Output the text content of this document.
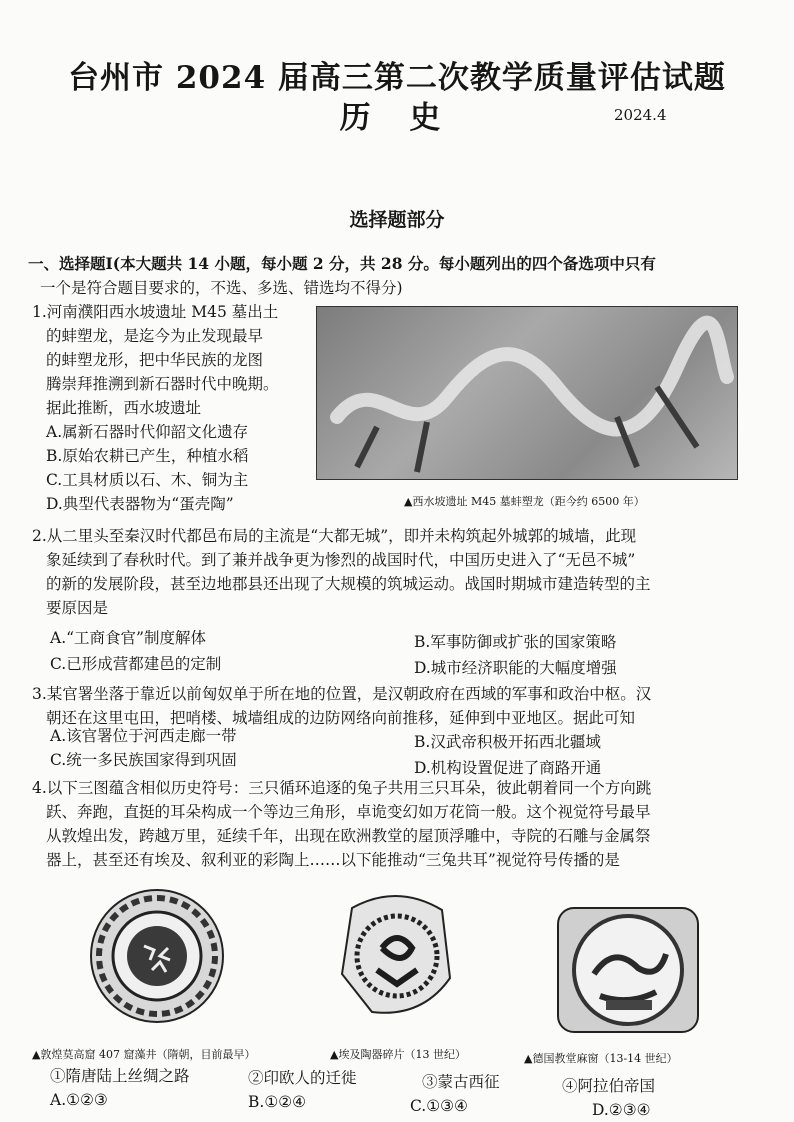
台州市 2024 届高三第二次教学质量评估试题
历 史	2024.4
选择题部分
一、选择题Ⅰ(本大题共 14 小题，每小题 2 分，共 28 分。每小题列出的四个备选项中只有
一个是符合题目要求的，不选、多选、错选均不得分)
1.河南濮阳西水坡遗址 M45 墓出土
的蚌塑龙，是迄今为止发现最早
的蚌塑龙形，把中华民族的龙图
腾崇拜推溯到新石器时代中晚期。
据此推断，西水坡遗址
A.属新石器时代仰韶文化遗存
B.原始农耕已产生，种植水稻
C.工具材质以石、木、铜为主
D.典型代表器物为“蛋壳陶”	▲西水坡遗址 M45 墓蚌塑龙（距今约 6500 年）
2.从二里头至秦汉时代都邑布局的主流是“大都无城”，即并未构筑起外城郭的城墙，此现
象延续到了春秋时代。到了兼并战争更为惨烈的战国时代，中国历史进入了“无邑不城”
的新的发展阶段，甚至边地郡县还出现了大规模的筑城运动。战国时期城市建造转型的主
要原因是
A.“工商食官”制度解体	B.军事防御或扩张的国家策略
C.已形成营都建邑的定制	D.城市经济职能的大幅度增强
3.某官署坐落于靠近以前匈奴单于所在地的位置，是汉朝政府在西域的军事和政治中枢。汉
朝还在这里屯田，把哨楼、城墙组成的边防网络向前推移，延伸到中亚地区。据此可知
A.该官署位于河西走廊一带	B.汉武帝积极开拓西北疆域
C.统一多民族国家得到巩固	D.机构设置促进了商路开通
4.以下三图蕴含相似历史符号：三只循环追逐的兔子共用三只耳朵，彼此朝着同一个方向跳
跃、奔跑，直挺的耳朵构成一个等边三角形，卓诡变幻如万花筒一般。这个视觉符号最早
从敦煌出发，跨越万里，延续千年，出现在欧洲教堂的屋顶浮雕中，寺院的石雕与金属祭
器上，甚至还有埃及、叙利亚的彩陶上……以下能推动“三兔共耳”视觉符号传播的是
▲敦煌莫高窟 407 窟藻井（隋朝，目前最早）	▲埃及陶器碎片（13 世纪）	▲德国教堂麻窗（13-14 世纪）
①隋唐陆上丝绸之路	②印欧人的迁徙	③蒙古西征	④阿拉伯帝国
A.①②③	B.①②④	C.①③④	D.②③④
